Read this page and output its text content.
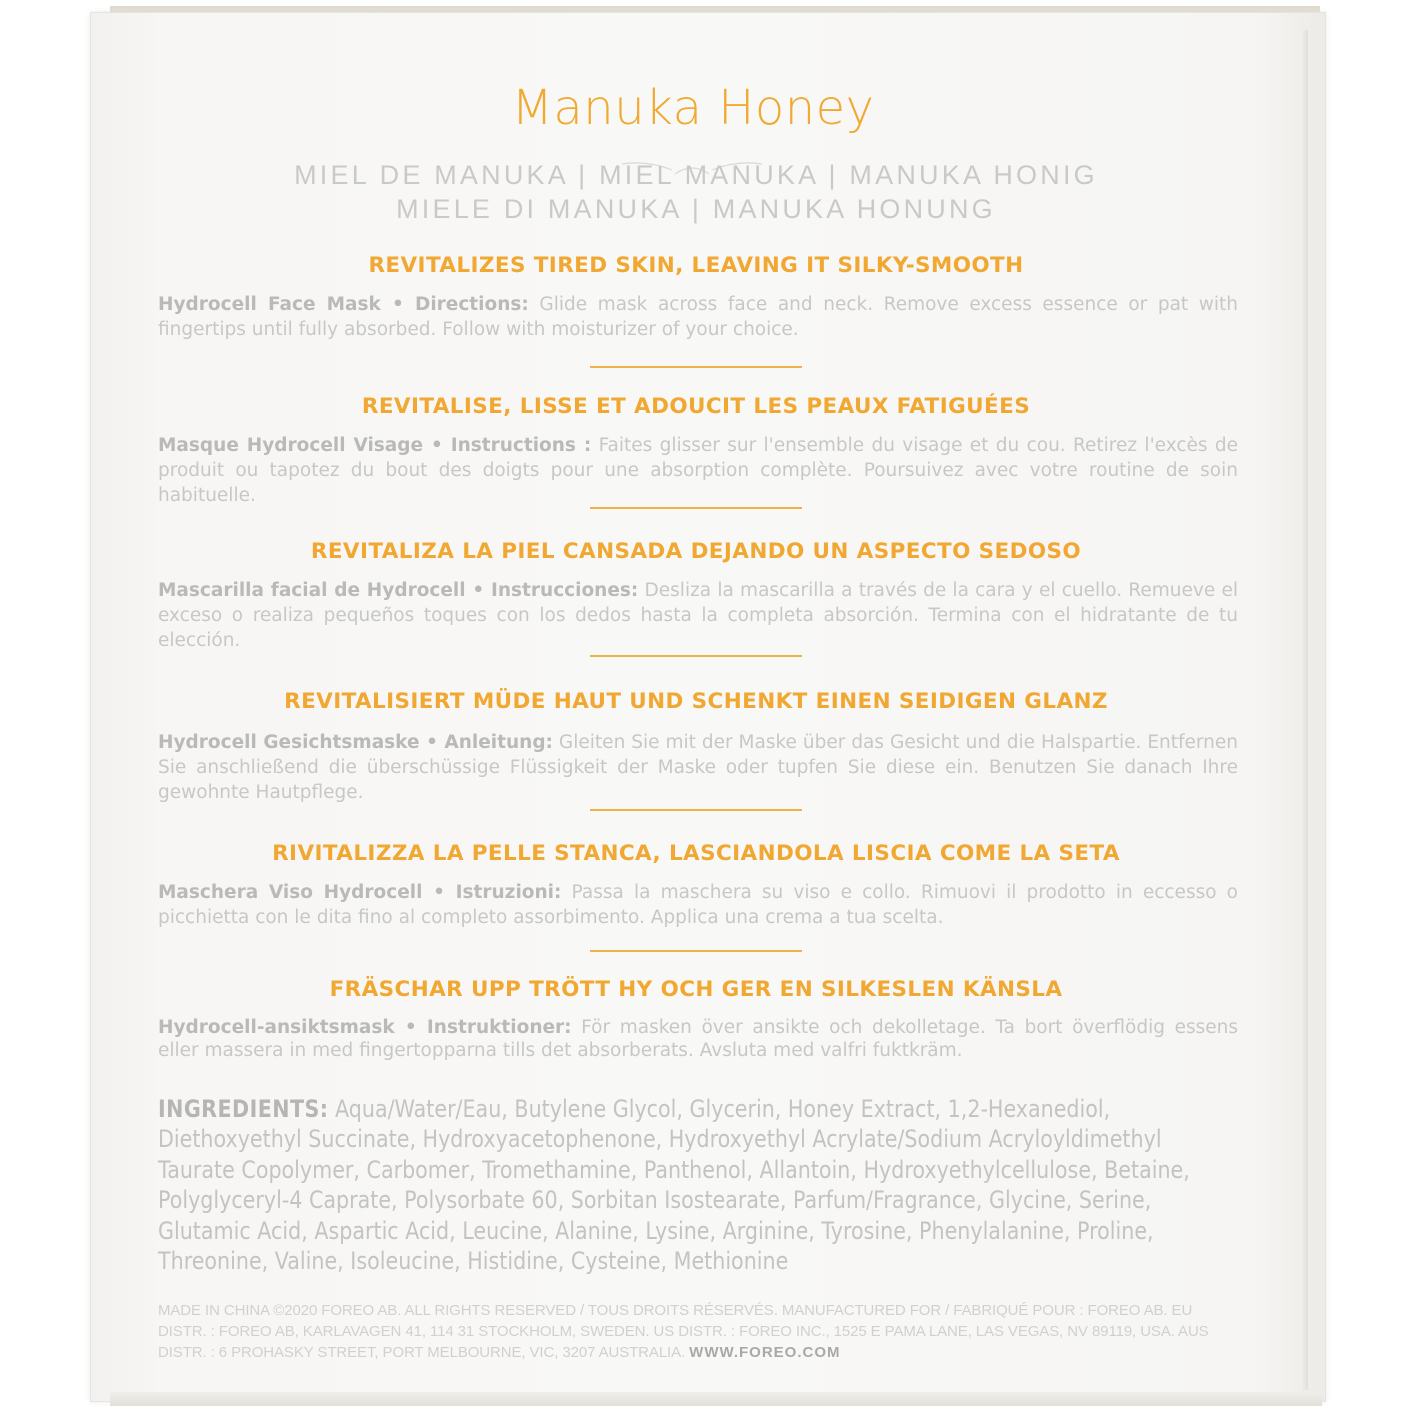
Manuka Honey
MIEL DE MANUKA | MIEL MANUKA | MANUKA HONIG
MIELE DI MANUKA | MANUKA HONUNG
REVITALIZES TIRED SKIN, LEAVING IT SILKY-SMOOTH
Hydrocell Face Mask • Directions: Glide mask across face and neck. Remove excess essence or pat with fingertips until fully absorbed. Follow with moisturizer of your choice.
REVITALISE, LISSE ET ADOUCIT LES PEAUX FATIGUÉES
Masque Hydrocell Visage • Instructions : Faites glisser sur l'ensemble du visage et du cou. Retirez l'excès de produit ou tapotez du bout des doigts pour une absorption complète. Poursuivez avec votre routine de soin habituelle.
REVITALIZA LA PIEL CANSADA DEJANDO UN ASPECTO SEDOSO
Mascarilla facial de Hydrocell • Instrucciones: Desliza la mascarilla a través de la cara y el cuello. Remueve el exceso o realiza pequeños toques con los dedos hasta la completa absorción. Termina con el hidratante de tu elección.
REVITALISIERT MÜDE HAUT UND SCHENKT EINEN SEIDIGEN GLANZ
Hydrocell Gesichtsmaske • Anleitung: Gleiten Sie mit der Maske über das Gesicht und die Halspartie. Entfernen Sie anschließend die überschüssige Flüssigkeit der Maske oder tupfen Sie diese ein. Benutzen Sie danach Ihre gewohnte Hautpflege.
RIVITALIZZA LA PELLE STANCA, LASCIANDOLA LISCIA COME LA SETA
Maschera Viso Hydrocell • Istruzioni: Passa la maschera su viso e collo. Rimuovi il prodotto in eccesso o picchietta con le dita fino al completo assorbimento. Applica una crema a tua scelta.
FRÄSCHAR UPP TRÖTT HY OCH GER EN SILKESLEN KÄNSLA
Hydrocell-ansiktsmask • Instruktioner: För masken över ansikte och dekolletage. Ta bort överflödig essens eller massera in med fingertopparna tills det absorberats. Avsluta med valfri fuktkräm.
INGREDIENTS: Aqua/Water/Eau, Butylene Glycol, Glycerin, Honey Extract, 1,2-Hexanediol, Diethoxyethyl Succinate, Hydroxyacetophenone, Hydroxyethyl Acrylate/Sodium Acryloyldimethyl Taurate Copolymer, Carbomer, Tromethamine, Panthenol, Allantoin, Hydroxyethylcellulose, Betaine, Polyglyceryl-4 Caprate, Polysorbate 60, Sorbitan Isostearate, Parfum/Fragrance, Glycine, Serine, Glutamic Acid, Aspartic Acid, Leucine, Alanine, Lysine, Arginine, Tyrosine, Phenylalanine, Proline, Threonine, Valine, Isoleucine, Histidine, Cysteine, Methionine
MADE IN CHINA ©2020 FOREO AB. ALL RIGHTS RESERVED / TOUS DROITS RÉSERVÉS. MANUFACTURED FOR / FABRIQUÉ POUR : FOREO AB. EU DISTR. : FOREO AB, KARLAVAGEN 41, 114 31 STOCKHOLM, SWEDEN. US DISTR. : FOREO INC., 1525 E PAMA LANE, LAS VEGAS, NV 89119, USA. AUS DISTR. : 6 PROHASKY STREET, PORT MELBOURNE, VIC, 3207 AUSTRALIA. WWW.FOREO.COM
